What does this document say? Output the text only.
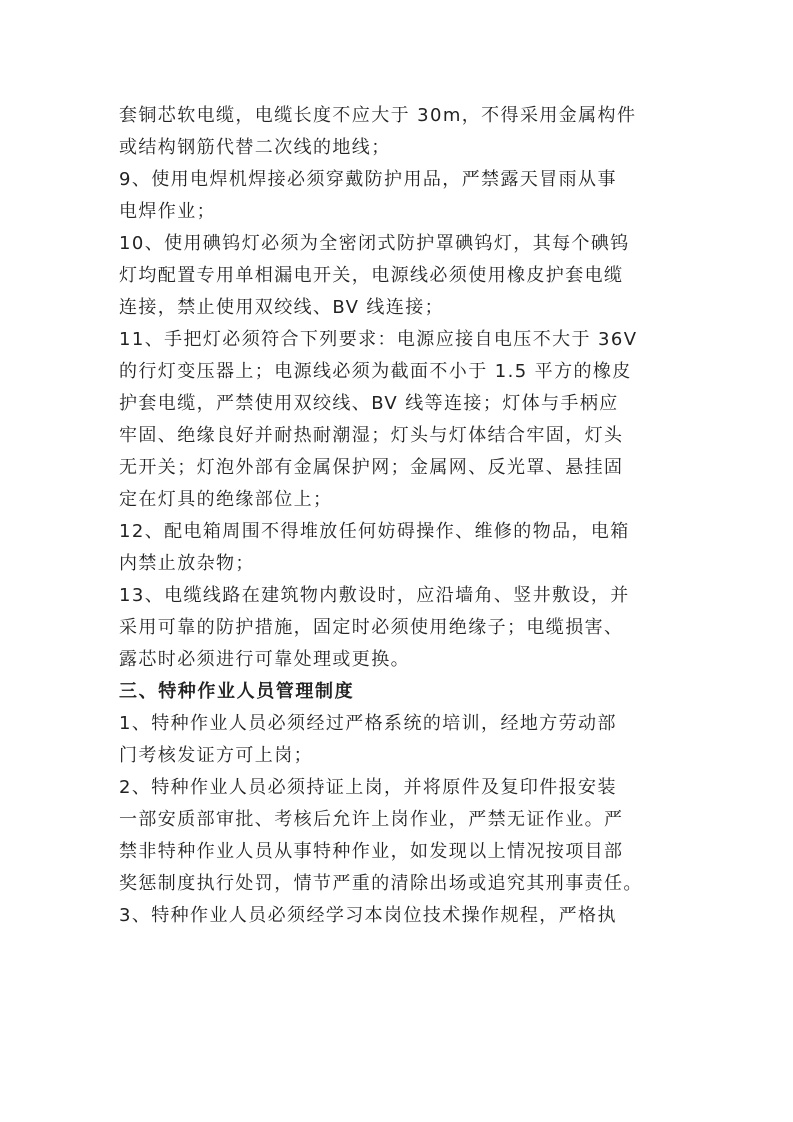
套铜芯软电缆，电缆长度不应大于 30m，不得采用金属构件
或结构钢筋代替二次线的地线；
9、使用电焊机焊接必须穿戴防护用品，严禁露天冒雨从事
电焊作业；
10、使用碘钨灯必须为全密闭式防护罩碘钨灯，其每个碘钨
灯均配置专用单相漏电开关，电源线必须使用橡皮护套电缆
连接，禁止使用双绞线、BV 线连接；
11、手把灯必须符合下列要求：电源应接自电压不大于 36V
的行灯变压器上；电源线必须为截面不小于 1.5 平方的橡皮
护套电缆，严禁使用双绞线、BV 线等连接；灯体与手柄应
牢固、绝缘良好并耐热耐潮湿；灯头与灯体结合牢固，灯头
无开关；灯泡外部有金属保护网；金属网、反光罩、悬挂固
定在灯具的绝缘部位上；
12、配电箱周围不得堆放任何妨碍操作、维修的物品，电箱
内禁止放杂物；
13、电缆线路在建筑物内敷设时，应沿墙角、竖井敷设，并
采用可靠的防护措施，固定时必须使用绝缘子；电缆损害、
露芯时必须进行可靠处理或更换。
三、特种作业人员管理制度
1、特种作业人员必须经过严格系统的培训，经地方劳动部
门考核发证方可上岗；
2、特种作业人员必须持证上岗，并将原件及复印件报安装
一部安质部审批、考核后允许上岗作业，严禁无证作业。严
禁非特种作业人员从事特种作业，如发现以上情况按项目部
奖惩制度执行处罚，情节严重的清除出场或追究其刑事责任。
3、特种作业人员必须经学习本岗位技术操作规程，严格执
